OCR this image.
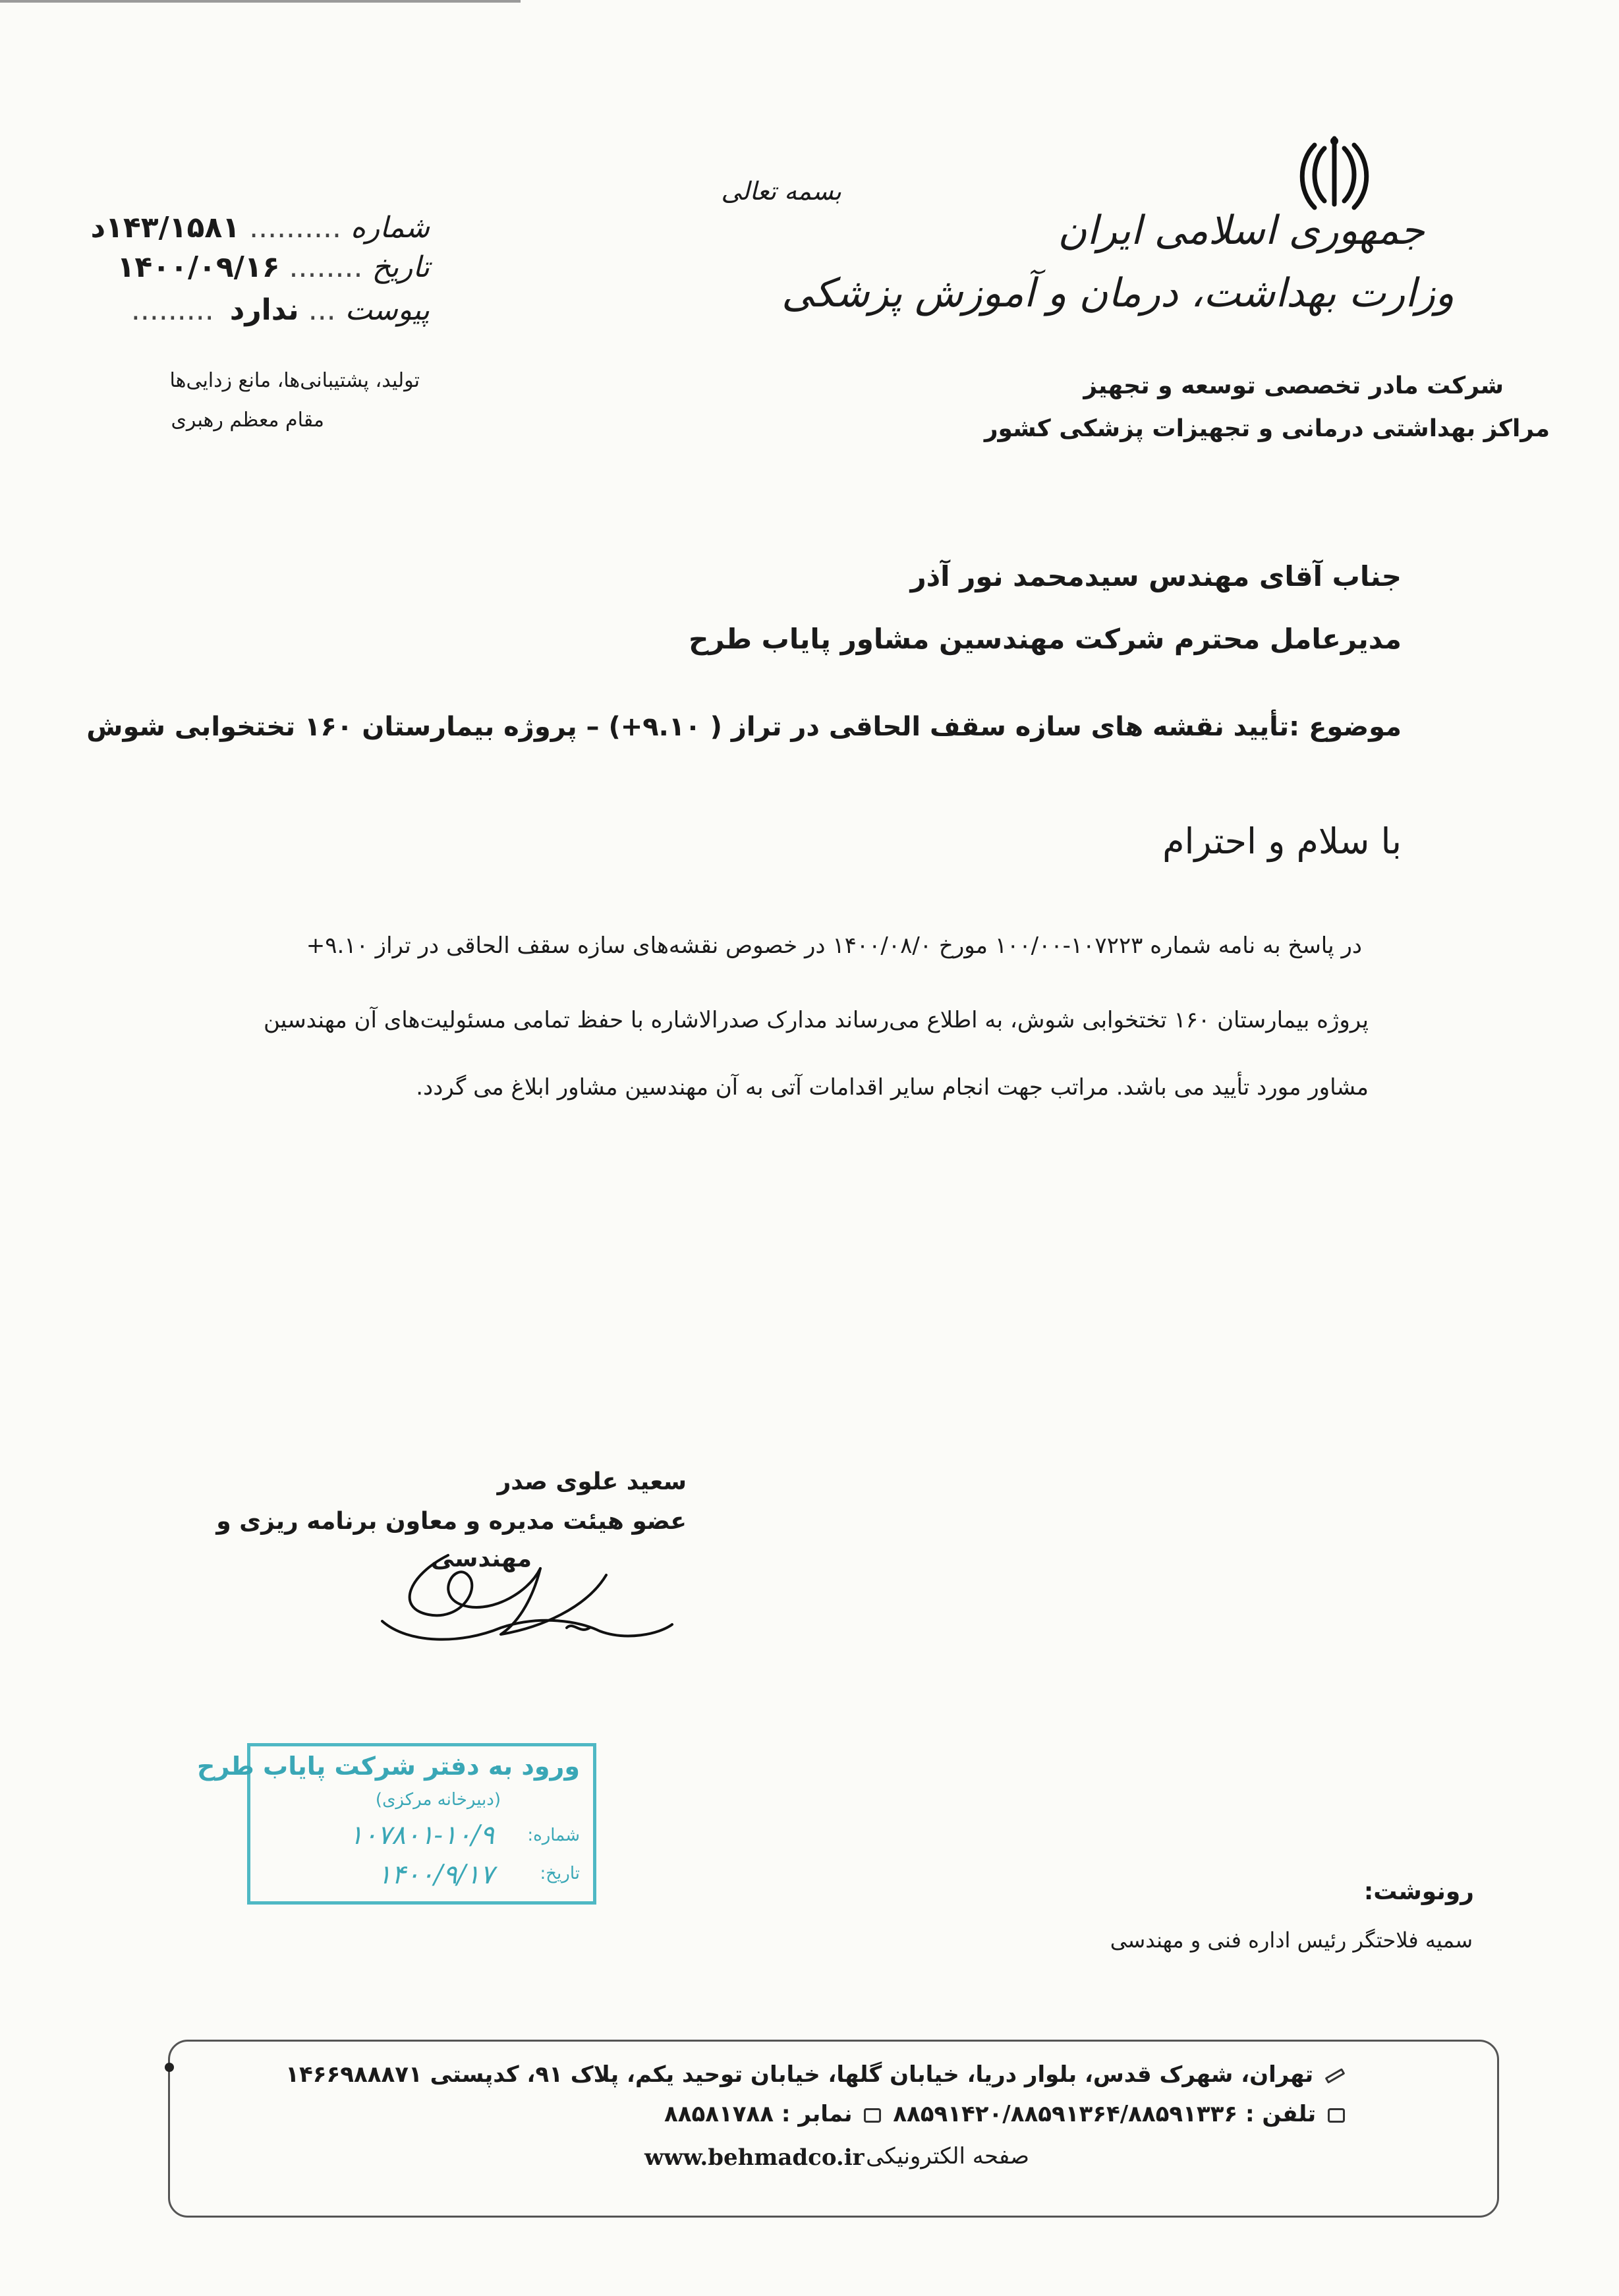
جمهوری اسلامی ایران
وزارت بهداشت، درمان و آموزش پزشکی
شرکت مادر تخصصی توسعه و تجهیز
مراکز بهداشتی درمانی و تجهیزات پزشکی کشور
بسمه تعالی
شماره .......... ۱۴۳/۱۵۸۱د
تاریخ ........ ۱۴۰۰/۰۹/۱۶
پیوست ... ندارد .........
تولید، پشتیبانی‌ها، مانع زدایی‌ها
مقام معظم رهبری
جناب آقای مهندس سیدمحمد نور آذر
مدیرعامل محترم شرکت مهندسین مشاور پایاب طرح
موضوع :تأیید نقشه های سازه سقف الحاقی در تراز ( ۹.۱۰+) – پروژه بیمارستان ۱۶۰ تختخوابی شوش
با سلام و احترام
در پاسخ به نامه شماره ۱۰۷۲۲۳-۱۰۰/۰۰ مورخ ۱۴۰۰/۰۸/۰ در خصوص نقشه‌های سازه سقف الحاقی در تراز ۹.۱۰+
پروژه بیمارستان ۱۶۰ تختخوابی شوش، به اطلاع می‌رساند مدارک صدرالاشاره با حفظ تمامی مسئولیت‌های آن مهندسین
مشاور مورد تأیید می باشد. مراتب جهت انجام سایر اقدامات آتی به آن مهندسین مشاور ابلاغ می گردد.
سعید علوی صدر
عضو هیئت مدیره و معاون برنامه ریزی و
مهندسی
ورود به دفتر شرکت پایاب طرح
(دبیرخانه مرکزی)
شماره:
۱۰۷۸۰۱-۱۰/۹
تاریخ:
۱۴۰۰/۹/۱۷
رونوشت:
سمیه فلاحتگر رئیس اداره فنی و مهندسی
تهران، شهرک قدس، بلوار دریا، خیابان گلها، خیابان توحید یکم، پلاک ۹۱، کدپستی ۱۴۶۶۹۸۸۸۷۱
تلفن : ۸۸۵۹۱۴۲۰/۸۸۵۹۱۳۶۴/۸۸۵۹۱۳۳۶  نمابر : ۸۸۵۸۱۷۸۸
صفحه الکترونیکی
www.behmadco.ir
